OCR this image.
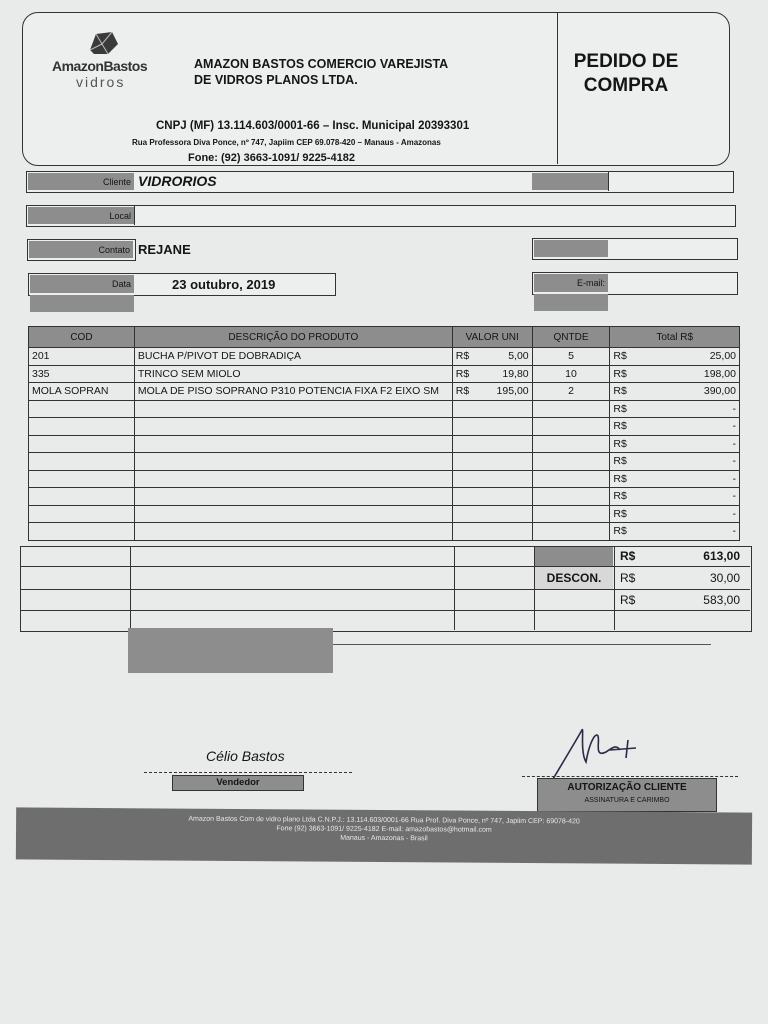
AmazonBastos
vidros
AMAZON BASTOS COMERCIO VAREJISTA
DE VIDROS PLANOS LTDA.
PEDIDO DE COMPRA
CNPJ (MF) 13.114.603/0001-66 – Insc. Municipal 20393301
Rua Professora Diva Ponce, nº 747, Japiim CEP 69.078-420 – Manaus - Amazonas
Fone: (92) 3663-1091/ 9225-4182
Cliente VIDRORIOS
Local
Contato REJANE
Data	23 outubro, 2019	E-mail:
COD	DESCRIÇÃO DO PRODUTO	VALOR UNI	QNTDE	Total R$
201	BUCHA P/PIVOT DE DOBRADIÇA	R$ 5,00	5	R$ 25,00

335	TRINCO SEM MIOLO	R$ 19,80	10	R$ 198,00

MOLA SOPRAN	MOLA DE PISO SOPRANO P310 POTENCIA FIXA F2 EIXO SM	R$ 195,00	2	R$ 390,00

				R$ -

				R$ -

				R$ -

				R$ -

				R$ -

				R$ -

				R$ -

				R$ -
R$	613,00
DESCON.	R$	30,00
R$	583,00
Célio Bastos
Vendedor	AUTORIZAÇÃO CLIENTE
ASSINATURA E CARIMBO
Amazon Bastos Com de vidro plano Ltda C.N.P.J.: 13.114.603/0001-66 Rua Prof. Diva Ponce, nº 747, Japiim CEP: 69078-420
Fone (92) 3663-1091/ 9225-4182 E-mail: amazobastos@hotmail.com
Manaus - Amazonas - Brasil
